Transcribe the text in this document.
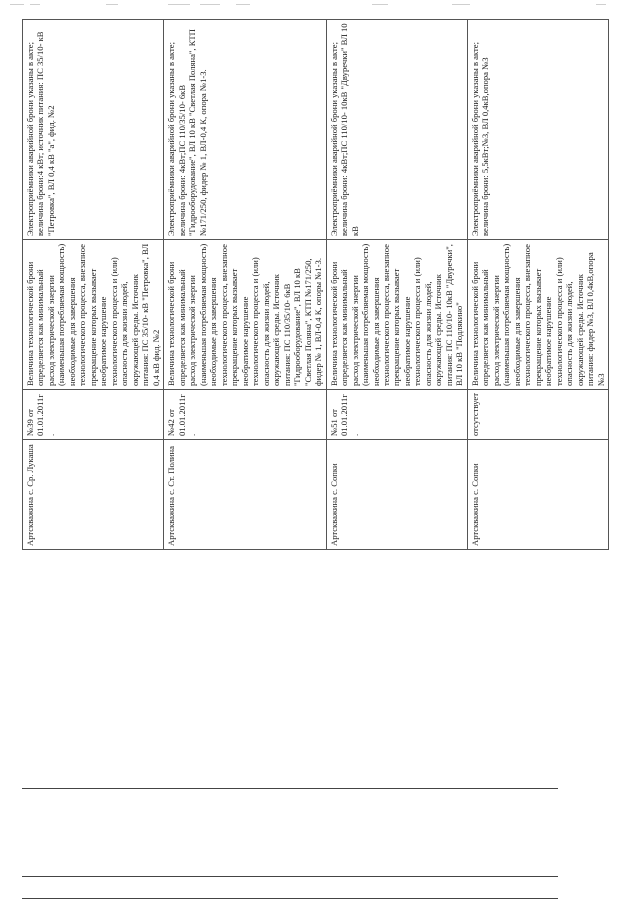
Артскважина с. Ср. Лукаша	№39 от 01.01.2011г.	Величина технологической брони определяется как минимальный расход электрической энергии (наименьшая потребляемая мощность) необходимые для завершения технологического процесса, внезапное прекращение которых вызывает необратимое нарушение технологического процесса и (или) опасность для жизни людей, окружающей среды. Источник питания: ПС 35/10- кВ "Петровка", ВЛ 0,4 кВ фид. №2	Электроприёмники аварийной брони указаны в акте; величина брони:4 кВт; источник питания: ПС 35/10- кВ "Петровка", ВЛ 0,4 кВ "а", фид. №2
Артскважина с. Ст. Полина	№42 от 01.01.2011г.	Величина технологической брони определяется как минимальный расход электрической энергии (наименьшая потребляемая мощность) необходимые для завершения технологического процесса, внезапное прекращение которых вызывает необратимое нарушение технологического процесса и (или) опасность для жизни людей, окружающей среды. Источник питания: ПС 110/35/10- 6кВ "Гидрооборудование", ВЛ 10 кВ "Светлая Поляна", КТП №171/250, фидер № 1, ВЛ-0,4 К, опоры №1-3.	Электроприёмники аварийной брони указаны в акте; величина брони: 4кВт;ПС 110/35/10- 6кВ "Гидрооборудование", ВЛ 10 кВ "Светлая Поляна", КТП №171/250, фидер № 1, ВЛ-0,4 К, опора №1-3.
Артскважина с. Сопки	№51 от 01.01.2011г.	Величина технологической брони определяется как минимальный расход электрической энергии (наименьшая потребляемая мощность) необходимые для завершения технологического процесса, внезапное прекращение которых вызывает необратимое нарушение технологического процесса и (или) опасность для жизни людей, окружающей среды. Источник питания: ПС 110/10- 10кВ "Двуречки", ВЛ 10 кВ "Подлякино"	Электроприёмники аварийной брони указаны в акте; величина брони: 4кВт;ПС 110/10- 10кВ "Двуречки" ВЛ 10 кВ
Артскважина с. Сопки	отсутствует	Величина технологической брони определяется как минимальный расход электрической энергии (наименьшая потребляемая мощность) необходимые для завершения технологического процесса, внезапное прекращение которых вызывает необратимое нарушение технологического процесса и (или) опасность для жизни людей, окружающей среды. Источник питания: фидер №3, ВЛ 0,4кВ,опора №3	Электроприёмники аварийной брони указаны в акте; величина брони: 5,5кВт;№3, ВЛ 0,4кВ,опора №3
